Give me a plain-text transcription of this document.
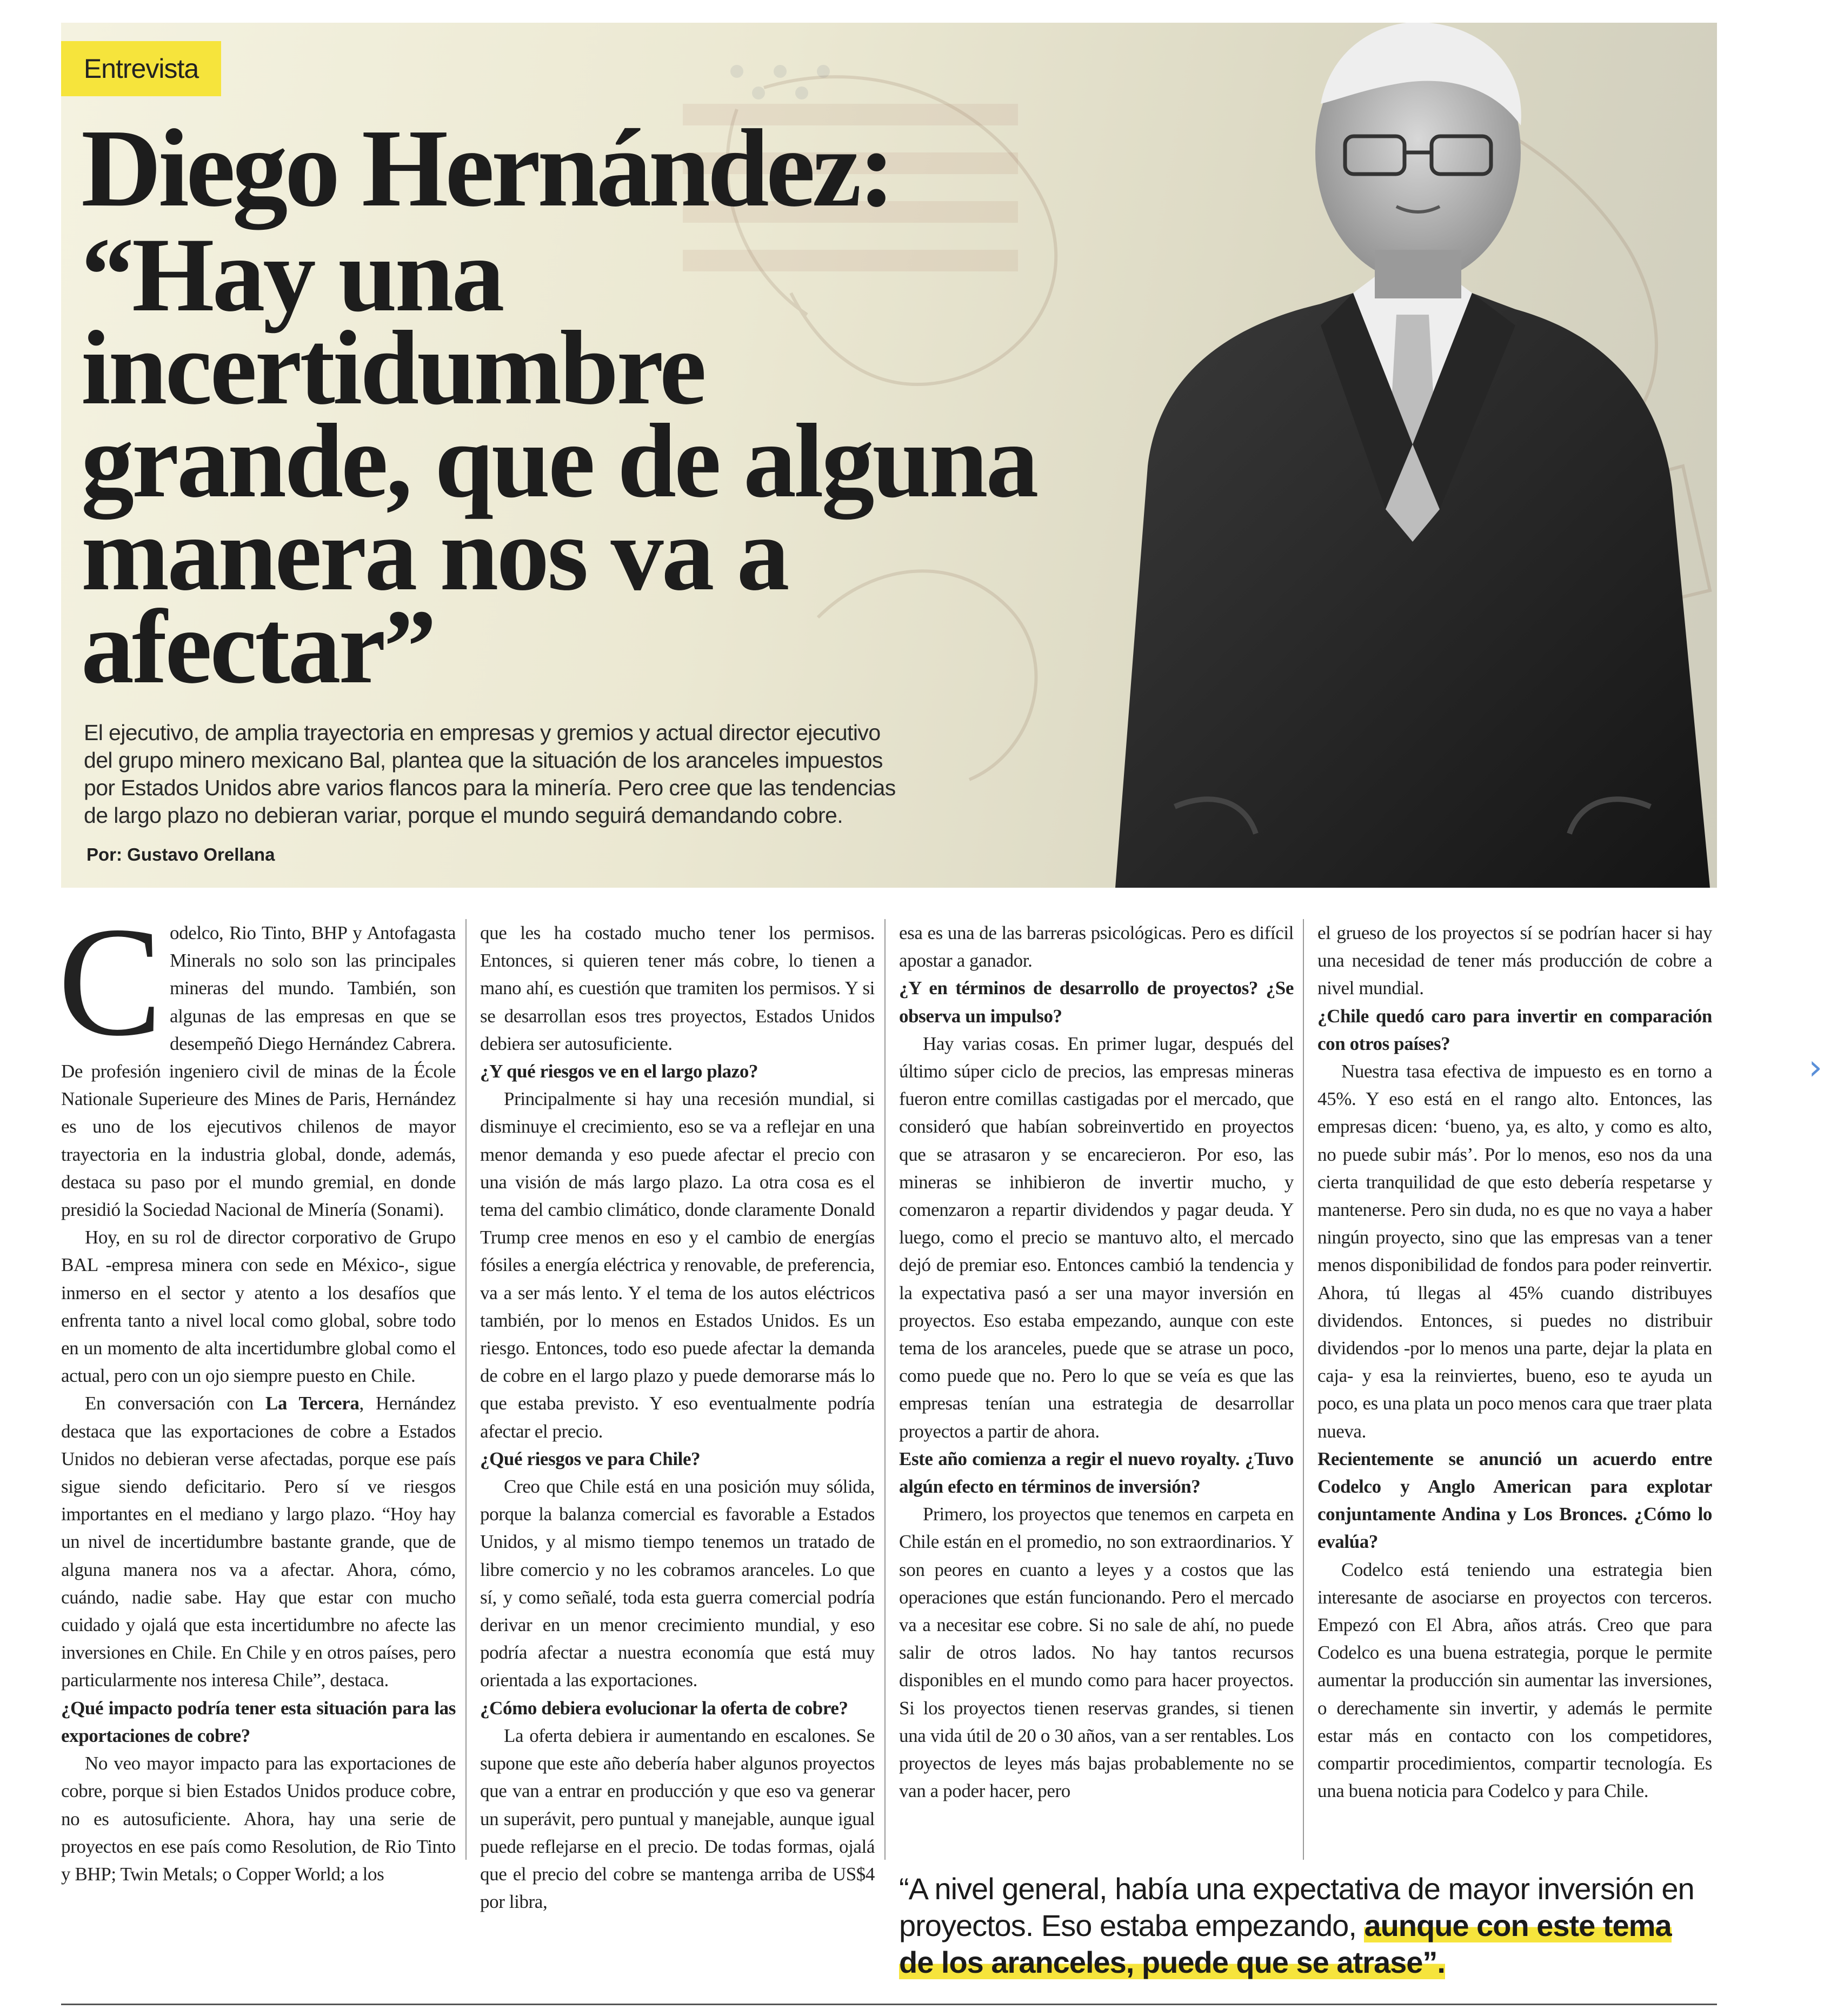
Entrevista
Diego Hernández:
“Hay una incertidumbre grande, que de alguna manera nos va a afectar”
El ejecutivo, de amplia trayectoria en empresas y gremios y actual director ejecutivo del grupo minero mexicano Bal, plantea que la situación de los aranceles impuestos por Estados Unidos abre varios flancos para la minería. Pero cree que las tendencias de largo plazo no debieran variar, porque el mundo seguirá demandando cobre.
Por: Gustavo Orellana
C odelco, Rio Tinto, BHP y Antofagasta Minerals no solo son las principales mineras del mundo. También, son algunas de las empresas en que se desempeñó Diego Hernández Cabrera. De profesión ingeniero civil de minas de la École Nationale Superieure des Mines de Paris, Hernández es uno de los ejecutivos chilenos de mayor trayectoria en la industria global, donde, además, destaca su paso por el mundo gremial, en donde presidió la Sociedad Nacional de Minería (Sonami).

Hoy, en su rol de director corporativo de Grupo BAL -empresa minera con sede en México-, sigue inmerso en el sector y atento a los desafíos que enfrenta tanto a nivel local como global, sobre todo en un momento de alta incertidumbre global como el actual, pero con un ojo siempre puesto en Chile.

En conversación con La Tercera, Hernández destaca que las exportaciones de cobre a Estados Unidos no debieran verse afectadas, porque ese país sigue siendo deficitario. Pero sí ve riesgos importantes en el mediano y largo plazo. “Hoy hay un nivel de incertidumbre bastante grande, que de alguna manera nos va a afectar. Ahora, cómo, cuándo, nadie sabe. Hay que estar con mucho cuidado y ojalá que esta incertidumbre no afecte las inversiones en Chile. En Chile y en otros países, pero particularmente nos interesa Chile”, destaca.

¿Qué impacto podría tener esta situación para las exportaciones de cobre?

No veo mayor impacto para las exportaciones de cobre, porque si bien Estados Unidos produce cobre, no es autosuficiente. Ahora, hay una serie de proyectos en ese país como Resolution, de Rio Tinto y BHP; Twin Metals; o Copper World; a los

que les ha costado mucho tener los permisos. Entonces, si quieren tener más cobre, lo tienen a mano ahí, es cuestión que tramiten los permisos. Y si se desarrollan esos tres proyectos, Estados Unidos debiera ser autosuficiente.

¿Y qué riesgos ve en el largo plazo?

Principalmente si hay una recesión mundial, si disminuye el crecimiento, eso se va a reflejar en una menor demanda y eso puede afectar el precio con una visión de más largo plazo. La otra cosa es el tema del cambio climático, donde claramente Donald Trump cree menos en eso y el cambio de energías fósiles a energía eléctrica y renovable, de preferencia, va a ser más lento. Y el tema de los autos eléctricos también, por lo menos en Estados Unidos. Es un riesgo. Entonces, todo eso puede afectar la demanda de cobre en el largo plazo y puede demorarse más lo que estaba previsto. Y eso eventualmente podría afectar el precio.

¿Qué riesgos ve para Chile?

Creo que Chile está en una posición muy sólida, porque la balanza comercial es favorable a Estados Unidos, y al mismo tiempo tenemos un tratado de libre comercio y no les cobramos aranceles. Lo que sí, y como señalé, toda esta guerra comercial podría derivar en un menor crecimiento mundial, y eso podría afectar a nuestra economía que está muy orientada a las exportaciones.

¿Cómo debiera evolucionar la oferta de cobre?

La oferta debiera ir aumentando en escalones. Se supone que este año debería haber algunos proyectos que van a entrar en producción y que eso va generar un superávit, pero puntual y manejable, aunque igual puede reflejarse en el precio. De todas formas, ojalá que el precio del cobre se mantenga arriba de US$4 por libra,

esa es una de las barreras psicológicas. Pero es difícil apostar a ganador.

¿Y en términos de desarrollo de proyectos? ¿Se observa un impulso?

Hay varias cosas. En primer lugar, después del último súper ciclo de precios, las empresas mineras fueron entre comillas castigadas por el mercado, que consideró que habían sobreinvertido en proyectos que se atrasaron y se encarecieron. Por eso, las mineras se inhibieron de invertir mucho, y comenzaron a repartir dividendos y pagar deuda. Y luego, como el precio se mantuvo alto, el mercado dejó de premiar eso. Entonces cambió la tendencia y la expectativa pasó a ser una mayor inversión en proyectos. Eso estaba empezando, aunque con este tema de los aranceles, puede que se atrase un poco, como puede que no. Pero lo que se veía es que las empresas tenían una estrategia de desarrollar proyectos a partir de ahora.

Este año comienza a regir el nuevo royalty. ¿Tuvo algún efecto en términos de inversión?

Primero, los proyectos que tenemos en carpeta en Chile están en el promedio, no son extraordinarios. Y son peores en cuanto a leyes y a costos que las operaciones que están funcionando. Pero el mercado va a necesitar ese cobre. Si no sale de ahí, no puede salir de otros lados. No hay tantos recursos disponibles en el mundo como para hacer proyectos. Si los proyectos tienen reservas grandes, si tienen una vida útil de 20 o 30 años, van a ser rentables. Los proyectos de leyes más bajas probablemente no se van a poder hacer, pero

el grueso de los proyectos sí se podrían hacer si hay una necesidad de tener más producción de cobre a nivel mundial.

¿Chile quedó caro para invertir en comparación con otros países?

Nuestra tasa efectiva de impuesto es en torno a 45%. Y eso está en el rango alto. Entonces, las empresas dicen: ‘bueno, ya, es alto, y como es alto, no puede subir más’. Por lo menos, eso nos da una cierta tranquilidad de que esto debería respetarse y mantenerse. Pero sin duda, no es que no vaya a haber ningún proyecto, sino que las empresas van a tener menos disponibilidad de fondos para poder reinvertir. Ahora, tú llegas al 45% cuando distribuyes dividendos. Entonces, si puedes no distribuir dividendos -por lo menos una parte, dejar la plata en caja- y esa la reinviertes, bueno, eso te ayuda un poco, es una plata un poco menos cara que traer plata nueva.

Recientemente se anunció un acuerdo entre Codelco y Anglo American para explotar conjuntamente Andina y Los Bronces. ¿Cómo lo evalúa?

Codelco está teniendo una estrategia bien interesante de asociarse en proyectos con terceros. Empezó con El Abra, años atrás. Creo que para Codelco es una buena estrategia, porque le permite aumentar la producción sin aumentar las inversiones, o derechamente sin invertir, y además le permite estar más en contacto con los competidores, compartir procedimientos, compartir tecnología. Es una buena noticia para Codelco y para Chile.

“A nivel general, había una expectativa de mayor inversión en proyectos. Eso estaba empezando, aunque con este tema de los aranceles, puede que se atrase”.
›
